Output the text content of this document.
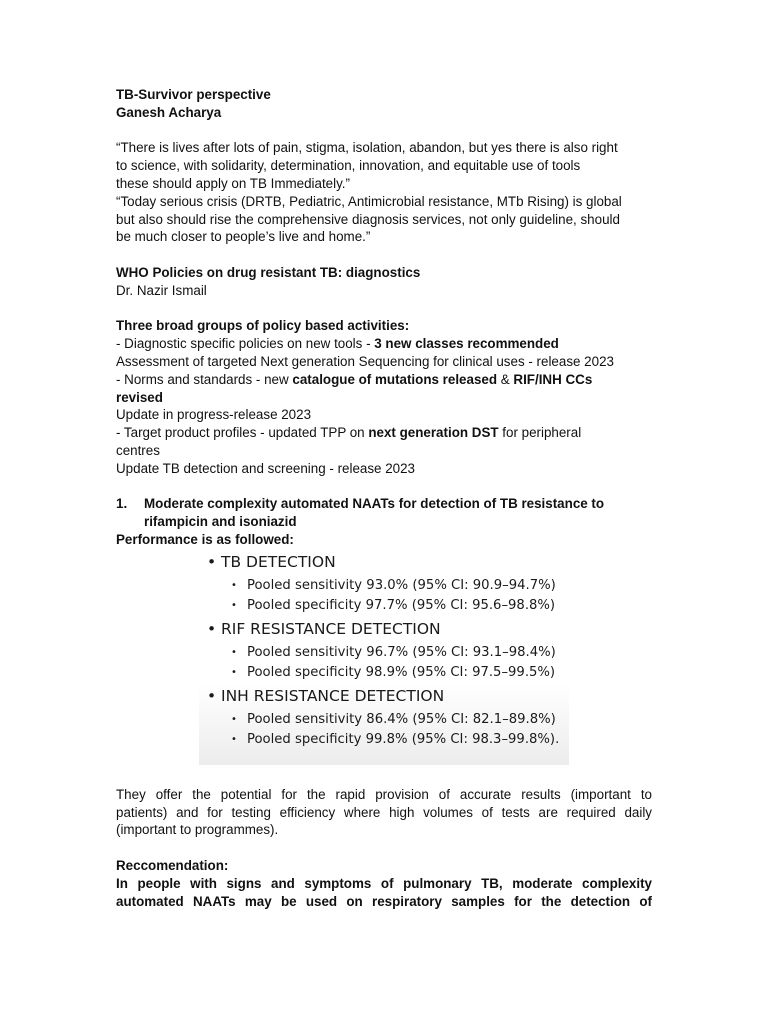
TB-Survivor perspective

Ganesh Acharya

“There is lives after lots of pain, stigma, isolation, abandon, but yes there is also right

to science, with solidarity, determination, innovation, and equitable use of tools

these should apply on TB Immediately.”

“Today serious crisis (DRTB, Pediatric, Antimicrobial resistance, MTb Rising) is global

but also should rise the comprehensive diagnosis services, not only guideline, should

be much closer to people’s live and home.”

WHO Policies on drug resistant TB: diagnostics

Dr. Nazir Ismail

Three broad groups of policy based activities:

- Diagnostic specific policies on new tools - 3 new classes recommended

Assessment of targeted Next generation Sequencing for clinical uses - release 2023

- Norms and standards - new catalogue of mutations released & RIF/INH CCs

revised

Update in progress-release 2023

- Target product profiles - updated TPP on next generation DST for peripheral

centres

Update TB detection and screening - release 2023

1.	Moderate complexity automated NAATs for detection of TB resistance to
rifampicin and isoniazid

Performance is as followed:

• TB DETECTION
• Pooled sensitivity 93.0% (95% CI: 90.9–94.7%)
• Pooled specificity 97.7% (95% CI: 95.6–98.8%)
• RIF RESISTANCE DETECTION
• Pooled sensitivity 96.7% (95% CI: 93.1–98.4%)
• Pooled specificity 98.9% (95% CI: 97.5–99.5%)
• INH RESISTANCE DETECTION
• Pooled sensitivity 86.4% (95% CI: 82.1–89.8%)
• Pooled specificity 99.8% (95% CI: 98.3–99.8%).

They offer the potential for the rapid provision of accurate results (important to

patients) and for testing efficiency where high volumes of tests are required daily

(important to programmes).

Reccomendation:

In people with signs and symptoms of pulmonary TB, moderate complexity

automated NAATs may be used on respiratory samples for the detection of
